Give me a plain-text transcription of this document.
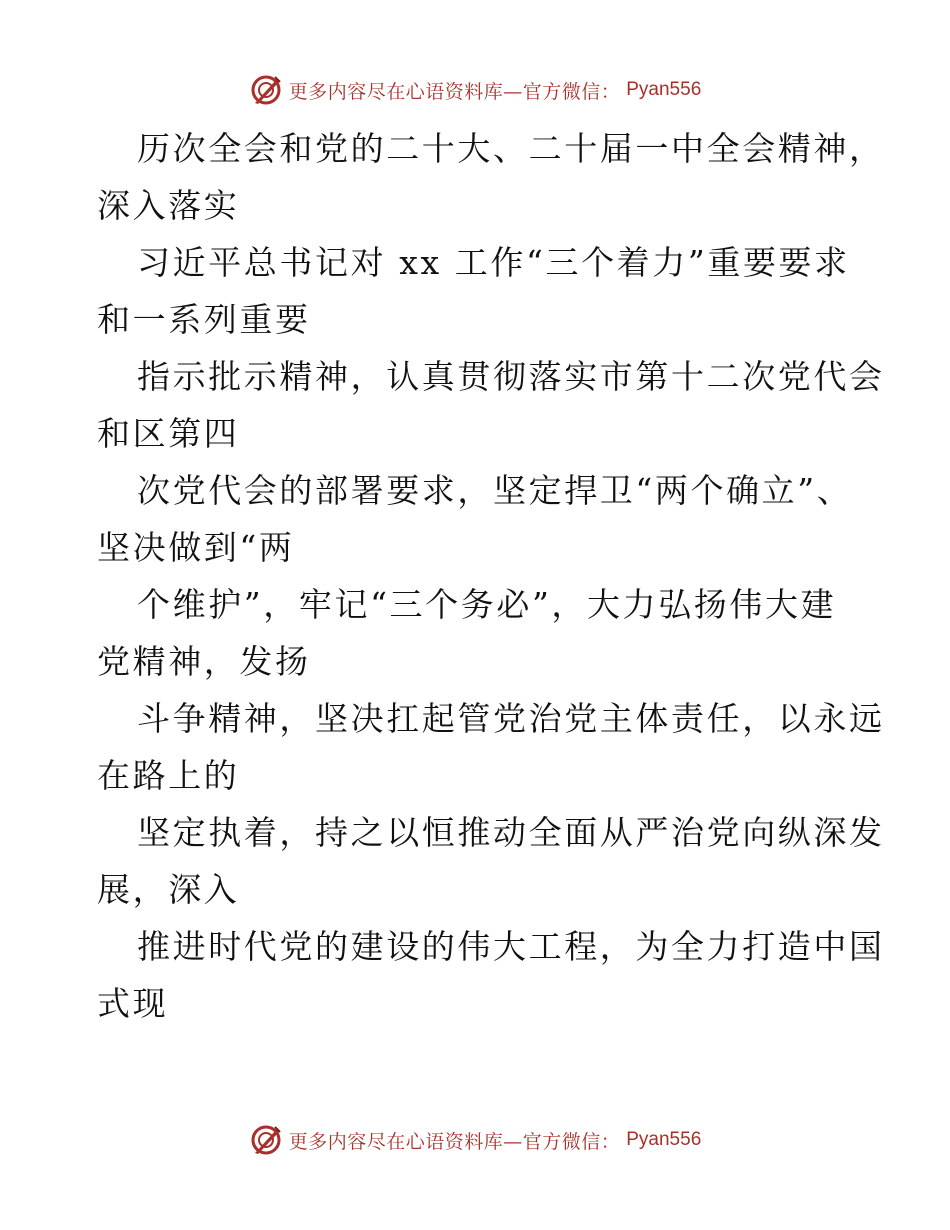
更多内容尽在心语资料库—官方微信： Pyan556

历次全会和党的二十大、二十届一中全会精神，
深入落实

习近平总书记对 xx 工作“三个着力”重要要求
和一系列重要

指示批示精神，认真贯彻落实市第十二次党代会
和区第四

次党代会的部署要求，坚定捍卫“两个确立”、
坚决做到“两

个维护”，牢记“三个务必”，大力弘扬伟大建
党精神，发扬

斗争精神，坚决扛起管党治党主体责任，以永远
在路上的

坚定执着，持之以恒推动全面从严治党向纵深发
展，深入

推进时代党的建设的伟大工程，为全力打造中国
式现

更多内容尽在心语资料库—官方微信： Pyan556
